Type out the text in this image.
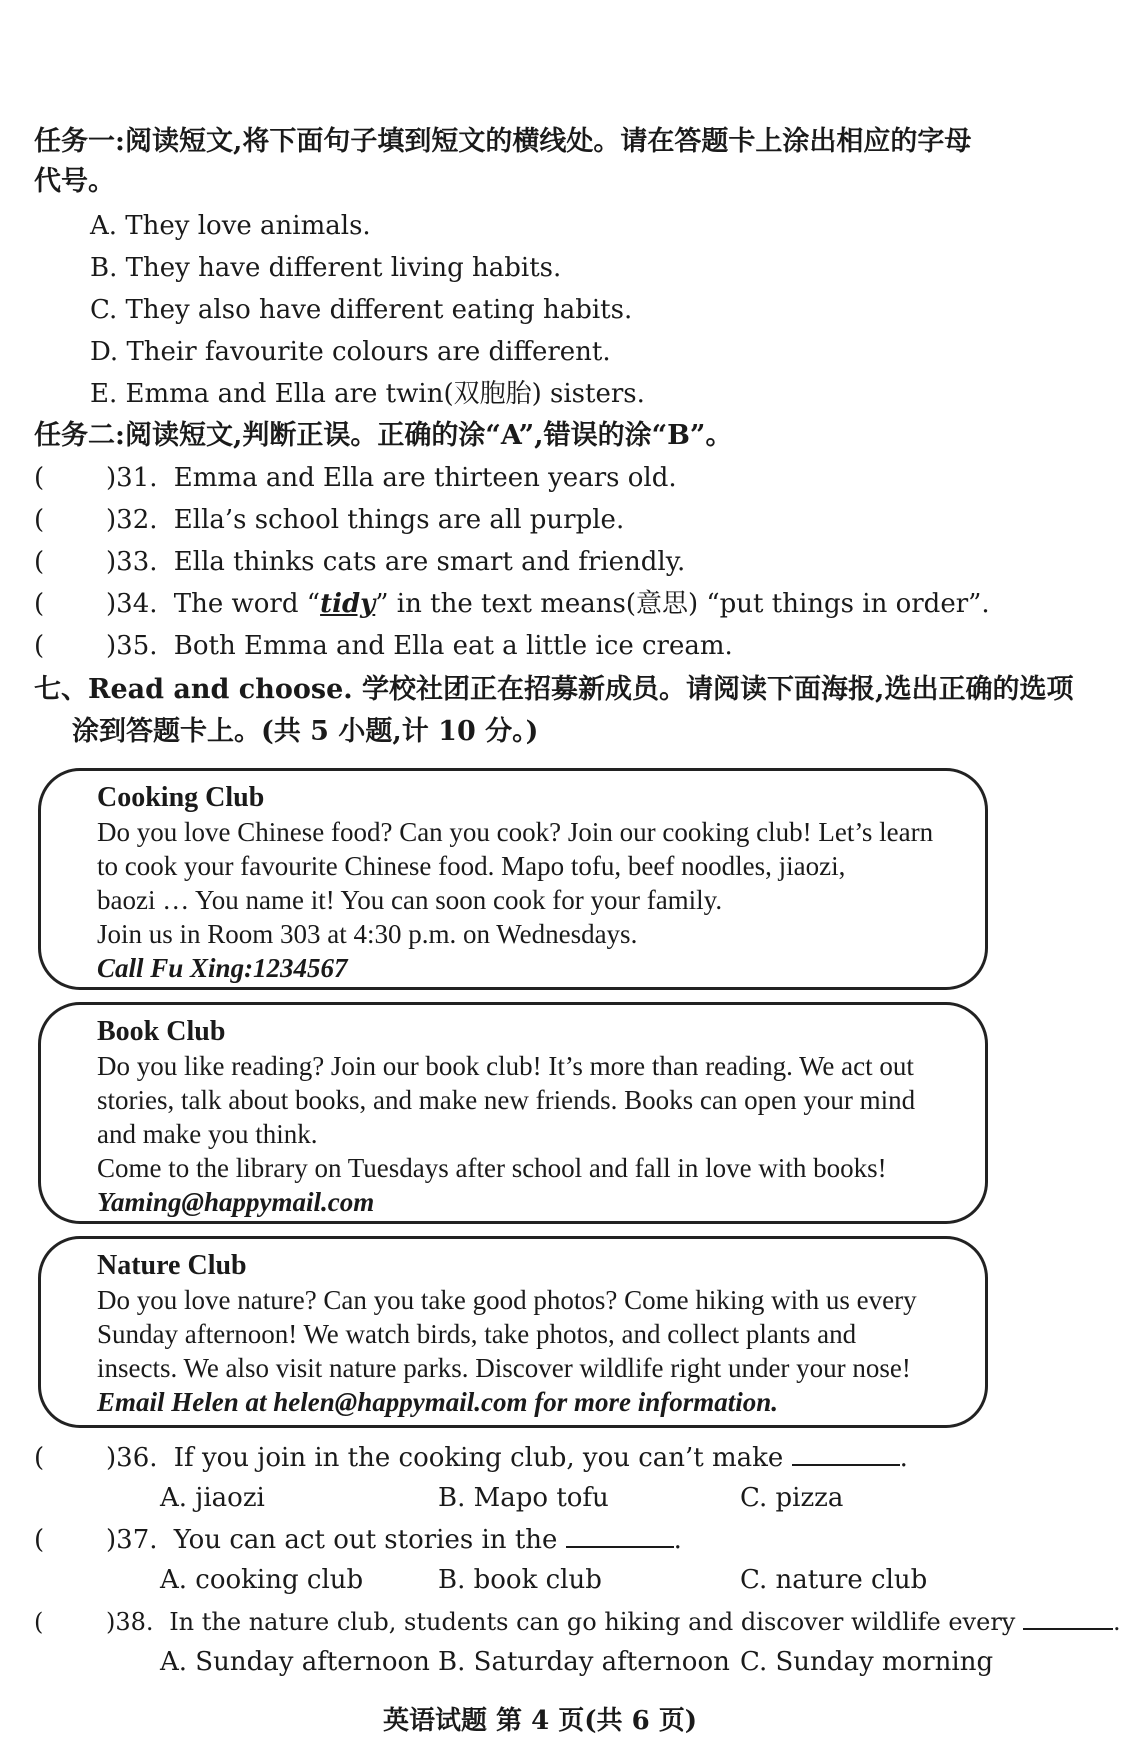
任务一:阅读短文,将下面句子填到短文的横线处。请在答题卡上涂出相应的字母
代号。
A. They love animals.
B. They have different living habits.
C. They also have different eating habits.
D. Their favourite colours are different.
E. Emma and Ella are twin(双胞胎) sisters.
任务二:阅读短文,判断正误。正确的涂“A”,错误的涂“B”。
( )31. Emma and Ella are thirteen years old.
( )32. Ella’s school things are all purple.
( )33. Ella thinks cats are smart and friendly.
( )34. The word “tidy” in the text means(意思) “put things in order”.
( )35. Both Emma and Ella eat a little ice cream.
七、Read and choose. 学校社团正在招募新成员。请阅读下面海报,选出正确的选项
涂到答题卡上。(共 5 小题,计 10 分。)
Cooking Club
Do you love Chinese food? Can you cook? Join our cooking club! Let’s learn
to cook your favourite Chinese food. Mapo tofu, beef noodles, jiaozi,
baozi … You name it! You can soon cook for your family.
Join us in Room 303 at 4:30 p.m. on Wednesdays.
Call Fu Xing:1234567
Book Club
Do you like reading? Join our book club! It’s more than reading. We act out
stories, talk about books, and make new friends. Books can open your mind
and make you think.
Come to the library on Tuesdays after school and fall in love with books!
Yaming@happymail.com
Nature Club
Do you love nature? Can you take good photos? Come hiking with us every
Sunday afternoon! We watch birds, take photos, and collect plants and
insects. We also visit nature parks. Discover wildlife right under your nose!
Email Helen at helen@happymail.com for more information.
( )36. If you join in the cooking club, you can’t make	.
A. jiaozi	B. Mapo tofu	C. pizza
( )37. You can act out stories in the	.
A. cooking club	B. book club	C. nature club
(	)38. In the nature club, students can go hiking and discover wildlife every	.
A. Sunday afternoon B. Saturday afternoon C. Sunday morning
英语试题 第 4 页(共 6 页)
